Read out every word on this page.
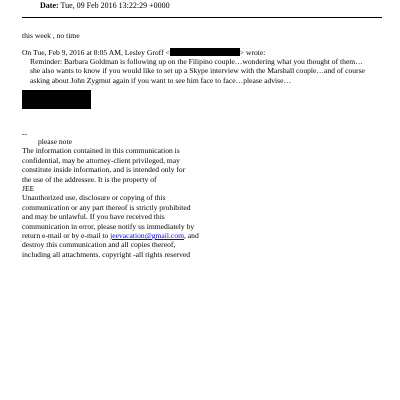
Date: Tue, 09 Feb 2016 13:22:29 +0000
this week , no time
On Tue, Feb 9, 2016 at 8:05 AM, Lesley Groff <	> wrote:
Reminder: Barbara Goldman is following up on the Filipino couple…wondering what you thought of them…
she also wants to know if you would like to set up a Skype interview with the Marshall couple…and of course
asking about John Zygmut again if you want to see him face to face…please advise…
--
please note
The information contained in this communication is
confidential, may be attorney-client privileged, may
constitute inside information, and is intended only for
the use of the addressee. It is the property of
JEE
Unauthorized use, disclosure or copying of this
communication or any part thereof is strictly prohibited
and may be unlawful. If you have received this
communication in error, please notify us immediately by
return e-mail or by e-mail to jeevacation@gmail.com, and
destroy this communication and all copies thereof,
including all attachments. copyright -all rights reserved
